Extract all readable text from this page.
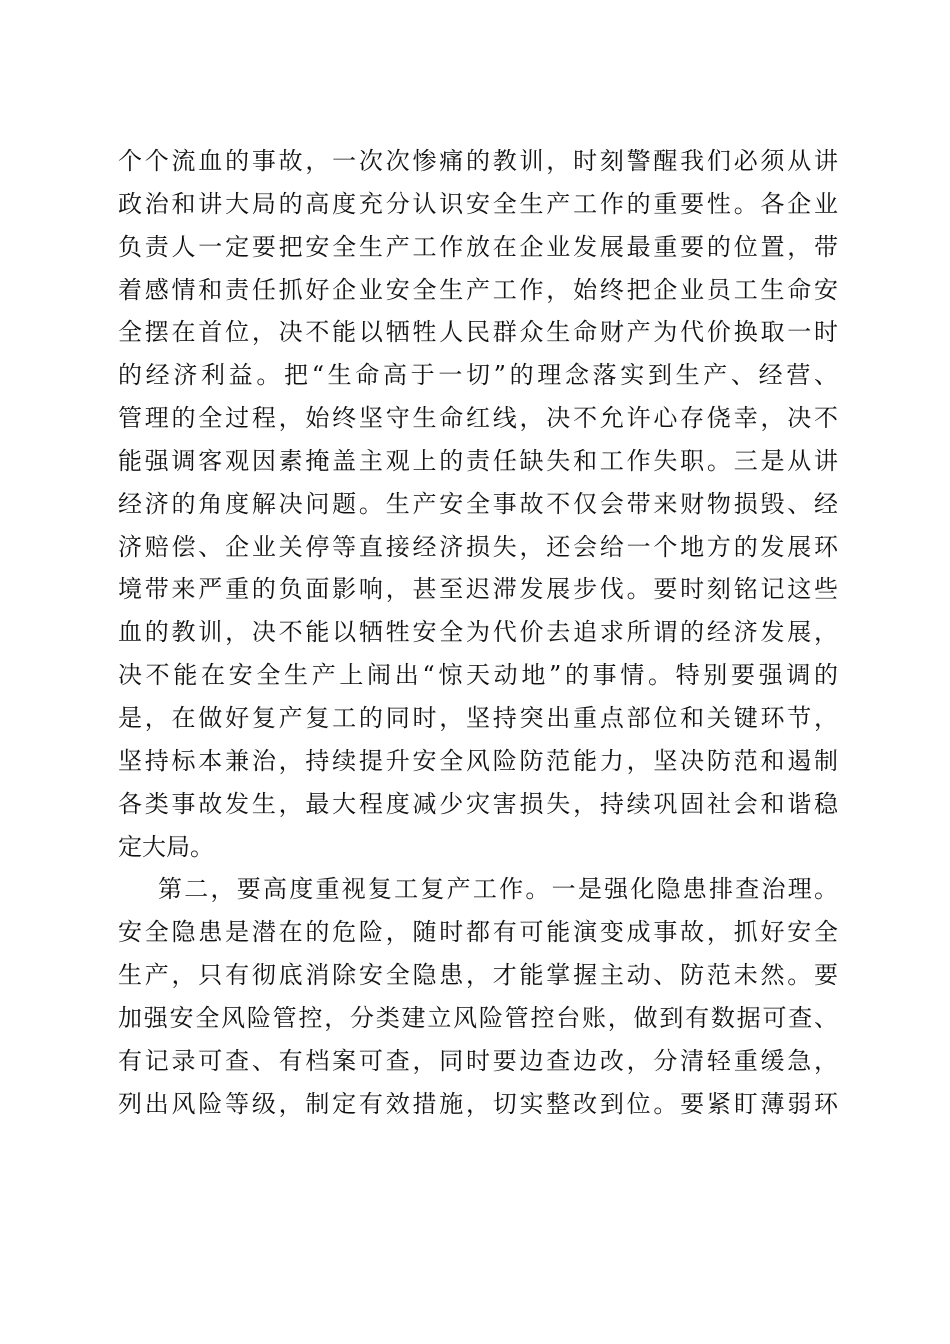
个个流血的事故，一次次惨痛的教训，时刻警醒我们必须从讲
政治和讲大局的高度充分认识安全生产工作的重要性。各企业
负责人一定要把安全生产工作放在企业发展最重要的位置，带
着感情和责任抓好企业安全生产工作，始终把企业员工生命安
全摆在首位，决不能以牺牲人民群众生命财产为代价换取一时
的经济利益。把“生命高于一切”的理念落实到生产、经营、
管理的全过程，始终坚守生命红线，决不允许心存侥幸，决不
能强调客观因素掩盖主观上的责任缺失和工作失职。三是从讲
经济的角度解决问题。生产安全事故不仅会带来财物损毁、经
济赔偿、企业关停等直接经济损失，还会给一个地方的发展环
境带来严重的负面影响，甚至迟滞发展步伐。要时刻铭记这些
血的教训，决不能以牺牲安全为代价去追求所谓的经济发展，
决不能在安全生产上闹出“惊天动地”的事情。特别要强调的
是，在做好复产复工的同时，坚持突出重点部位和关键环节，
坚持标本兼治，持续提升安全风险防范能力，坚决防范和遏制
各类事故发生，最大程度减少灾害损失，持续巩固社会和谐稳
定大局。
第二，要高度重视复工复产工作。一是强化隐患排查治理。
安全隐患是潜在的危险，随时都有可能演变成事故，抓好安全
生产，只有彻底消除安全隐患，才能掌握主动、防范未然。要
加强安全风险管控，分类建立风险管控台账，做到有数据可查、
有记录可查、有档案可查，同时要边查边改，分清轻重缓急，
列出风险等级，制定有效措施，切实整改到位。要紧盯薄弱环
